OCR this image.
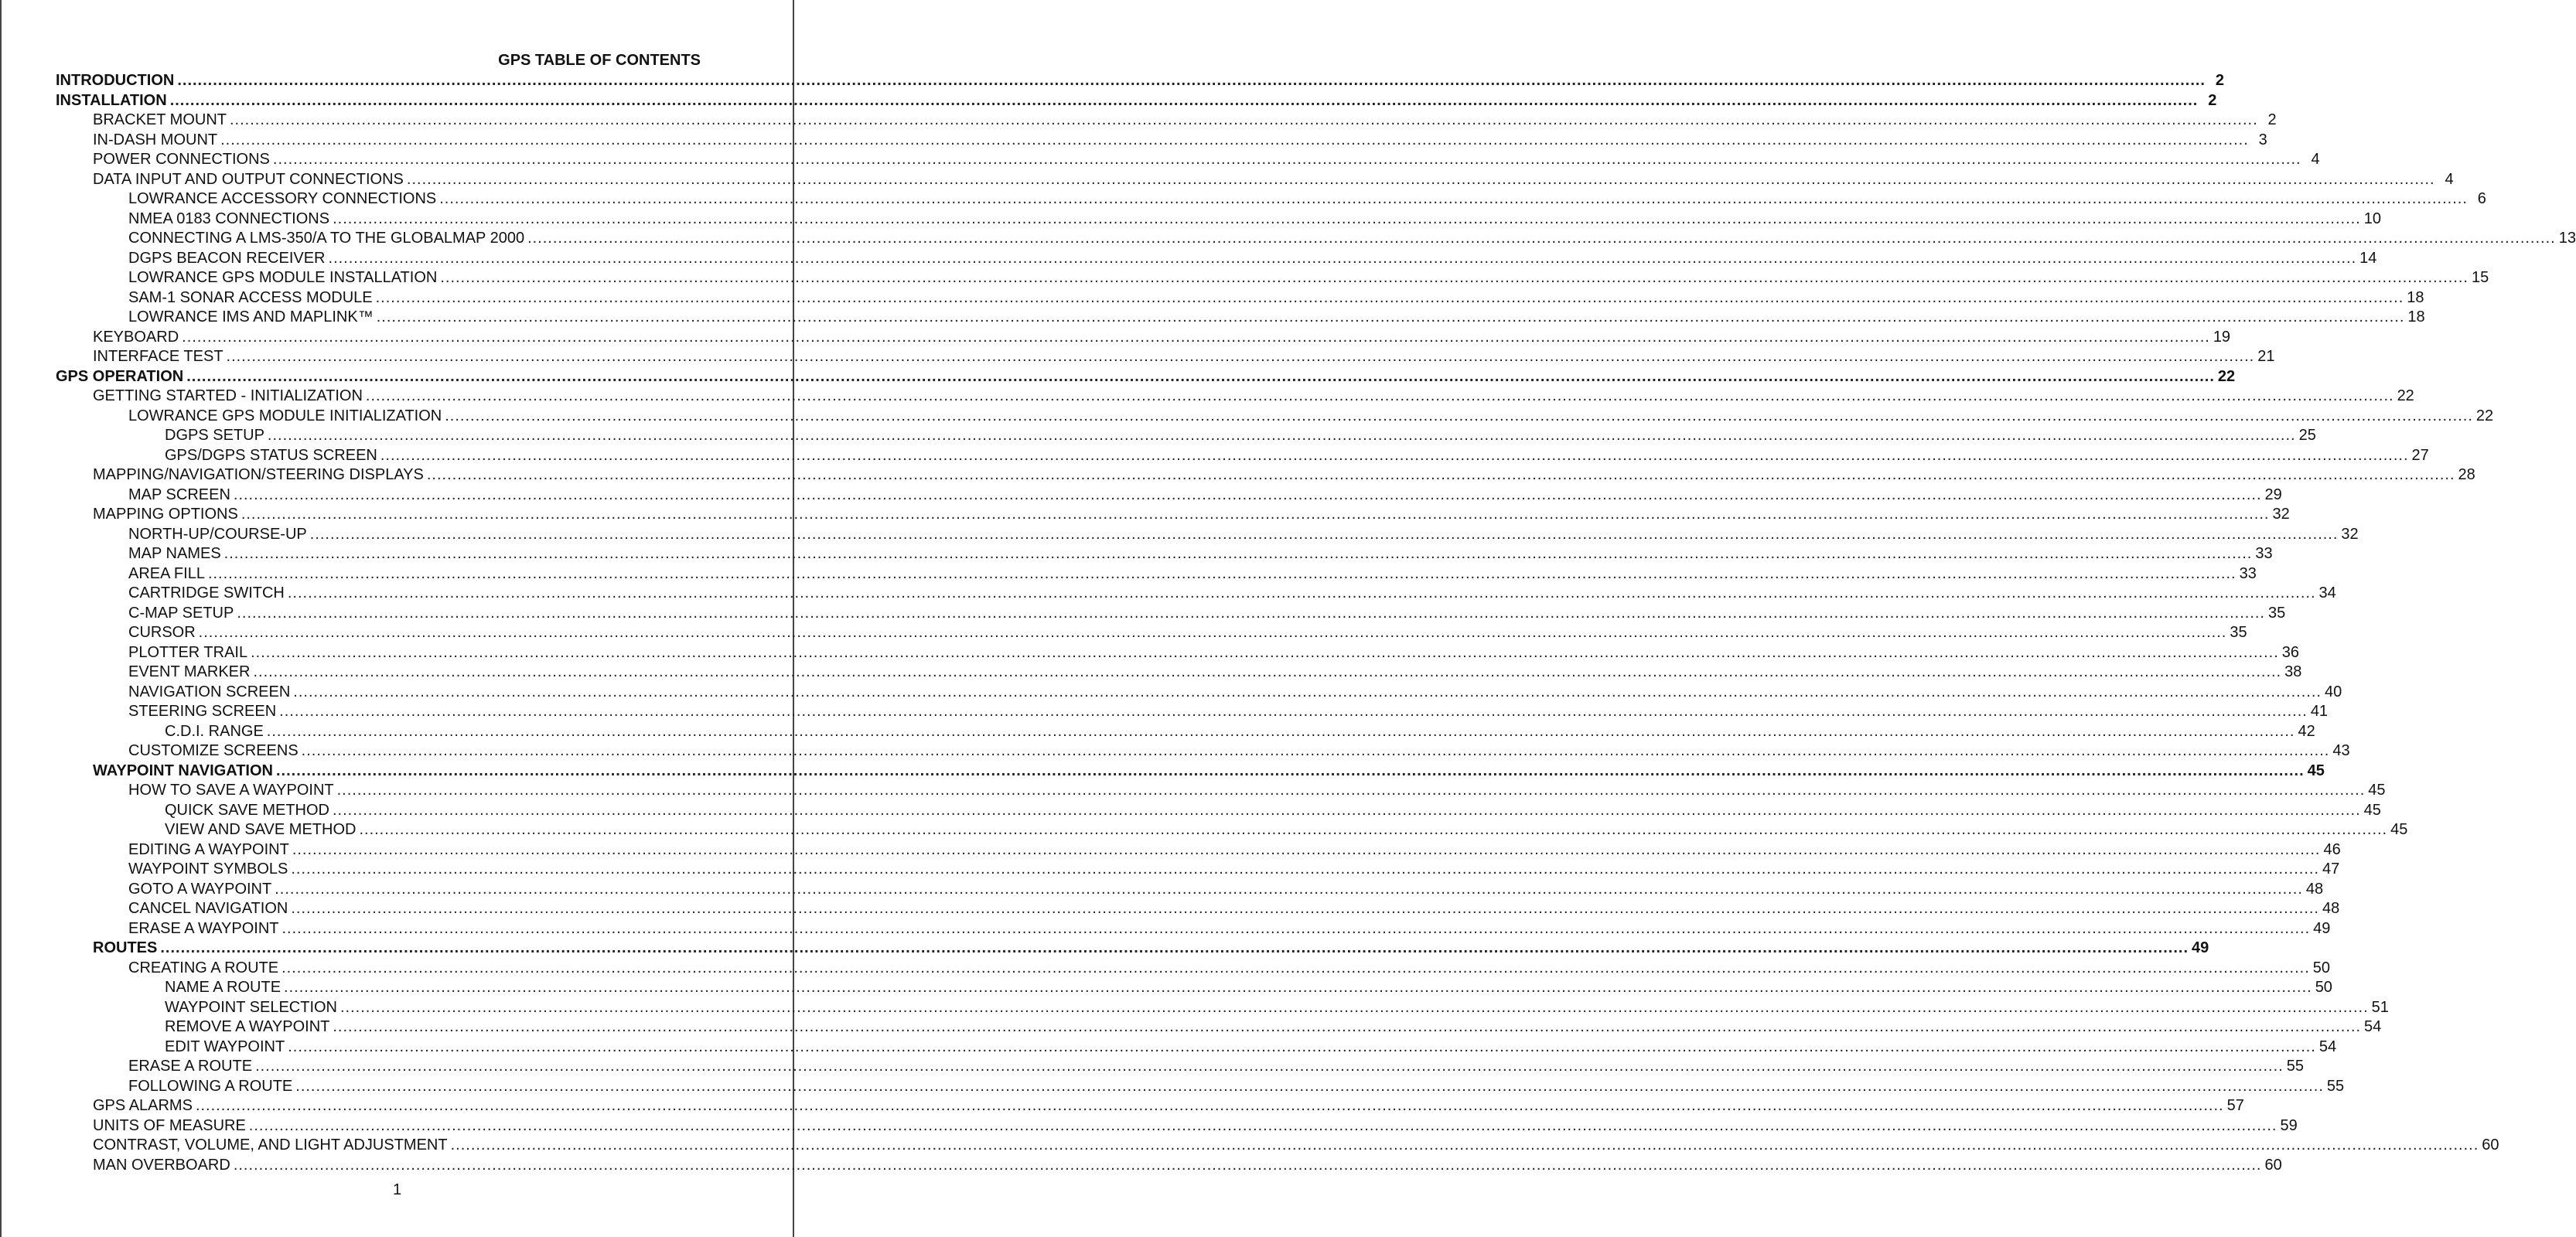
GPS TABLE OF CONTENTS
INTRODUCTION ................................................................................................................................................................................................................................................................................................................................................................................................................ 2
INSTALLATION ................................................................................................................................................................................................................................................................................................................................................................................................................ 2
BRACKET MOUNT ................................................................................................................................................................................................................................................................................................................................................................................................................ 2
IN-DASH MOUNT ................................................................................................................................................................................................................................................................................................................................................................................................................ 3
POWER CONNECTIONS ................................................................................................................................................................................................................................................................................................................................................................................................................ 4
DATA INPUT AND OUTPUT CONNECTIONS ................................................................................................................................................................................................................................................................................................................................................................................................................ 4
LOWRANCE ACCESSORY CONNECTIONS ................................................................................................................................................................................................................................................................................................................................................................................................................ 6
NMEA 0183 CONNECTIONS ................................................................................................................................................................................................................................................................................................................................................................................................................ 10
CONNECTING A LMS-350/A TO THE GLOBALMAP 2000 ................................................................................................................................................................................................................................................................................................................................................................................................................ 13
DGPS BEACON RECEIVER ................................................................................................................................................................................................................................................................................................................................................................................................................ 14
LOWRANCE GPS MODULE INSTALLATION ................................................................................................................................................................................................................................................................................................................................................................................................................ 15
SAM-1 SONAR ACCESS MODULE ................................................................................................................................................................................................................................................................................................................................................................................................................ 18
LOWRANCE IMS AND MAPLINK™ ................................................................................................................................................................................................................................................................................................................................................................................................................ 18
KEYBOARD ................................................................................................................................................................................................................................................................................................................................................................................................................ 19
INTERFACE TEST ................................................................................................................................................................................................................................................................................................................................................................................................................ 21
GPS OPERATION ................................................................................................................................................................................................................................................................................................................................................................................................................ 22
GETTING STARTED - INITIALIZATION ................................................................................................................................................................................................................................................................................................................................................................................................................ 22
LOWRANCE GPS MODULE INITIALIZATION ................................................................................................................................................................................................................................................................................................................................................................................................................ 22
DGPS SETUP ................................................................................................................................................................................................................................................................................................................................................................................................................ 25
GPS/DGPS STATUS SCREEN ................................................................................................................................................................................................................................................................................................................................................................................................................ 27
MAPPING/NAVIGATION/STEERING DISPLAYS ................................................................................................................................................................................................................................................................................................................................................................................................................ 28
MAP SCREEN ................................................................................................................................................................................................................................................................................................................................................................................................................ 29
MAPPING OPTIONS ................................................................................................................................................................................................................................................................................................................................................................................................................ 32
NORTH-UP/COURSE-UP ................................................................................................................................................................................................................................................................................................................................................................................................................ 32
MAP NAMES ................................................................................................................................................................................................................................................................................................................................................................................................................ 33
AREA FILL ................................................................................................................................................................................................................................................................................................................................................................................................................ 33
CARTRIDGE SWITCH ................................................................................................................................................................................................................................................................................................................................................................................................................ 34
C-MAP SETUP ................................................................................................................................................................................................................................................................................................................................................................................................................ 35
CURSOR ................................................................................................................................................................................................................................................................................................................................................................................................................ 35
PLOTTER TRAIL ................................................................................................................................................................................................................................................................................................................................................................................................................ 36
EVENT MARKER ................................................................................................................................................................................................................................................................................................................................................................................................................ 38
NAVIGATION SCREEN ................................................................................................................................................................................................................................................................................................................................................................................................................ 40
STEERING SCREEN ................................................................................................................................................................................................................................................................................................................................................................................................................ 41
C.D.I. RANGE ................................................................................................................................................................................................................................................................................................................................................................................................................ 42
CUSTOMIZE SCREENS ................................................................................................................................................................................................................................................................................................................................................................................................................ 43
WAYPOINT NAVIGATION ................................................................................................................................................................................................................................................................................................................................................................................................................ 45
HOW TO SAVE A WAYPOINT ................................................................................................................................................................................................................................................................................................................................................................................................................ 45
QUICK SAVE METHOD ................................................................................................................................................................................................................................................................................................................................................................................................................ 45
VIEW AND SAVE METHOD ................................................................................................................................................................................................................................................................................................................................................................................................................ 45
EDITING A WAYPOINT ................................................................................................................................................................................................................................................................................................................................................................................................................ 46
WAYPOINT SYMBOLS ................................................................................................................................................................................................................................................................................................................................................................................................................ 47
GOTO A WAYPOINT ................................................................................................................................................................................................................................................................................................................................................................................................................ 48
CANCEL NAVIGATION ................................................................................................................................................................................................................................................................................................................................................................................................................ 48
ERASE A WAYPOINT ................................................................................................................................................................................................................................................................................................................................................................................................................ 49
ROUTES ................................................................................................................................................................................................................................................................................................................................................................................................................ 49
CREATING A ROUTE ................................................................................................................................................................................................................................................................................................................................................................................................................ 50
NAME A ROUTE ................................................................................................................................................................................................................................................................................................................................................................................................................ 50
WAYPOINT SELECTION ................................................................................................................................................................................................................................................................................................................................................................................................................ 51
REMOVE A WAYPOINT ................................................................................................................................................................................................................................................................................................................................................................................................................ 54
EDIT WAYPOINT ................................................................................................................................................................................................................................................................................................................................................................................................................ 54
ERASE A ROUTE ................................................................................................................................................................................................................................................................................................................................................................................................................ 55
FOLLOWING A ROUTE ................................................................................................................................................................................................................................................................................................................................................................................................................ 55
GPS ALARMS ................................................................................................................................................................................................................................................................................................................................................................................................................ 57
UNITS OF MEASURE ................................................................................................................................................................................................................................................................................................................................................................................................................ 59
CONTRAST, VOLUME, AND LIGHT ADJUSTMENT ................................................................................................................................................................................................................................................................................................................................................................................................................ 60
MAN OVERBOARD ................................................................................................................................................................................................................................................................................................................................................................................................................ 60
1
